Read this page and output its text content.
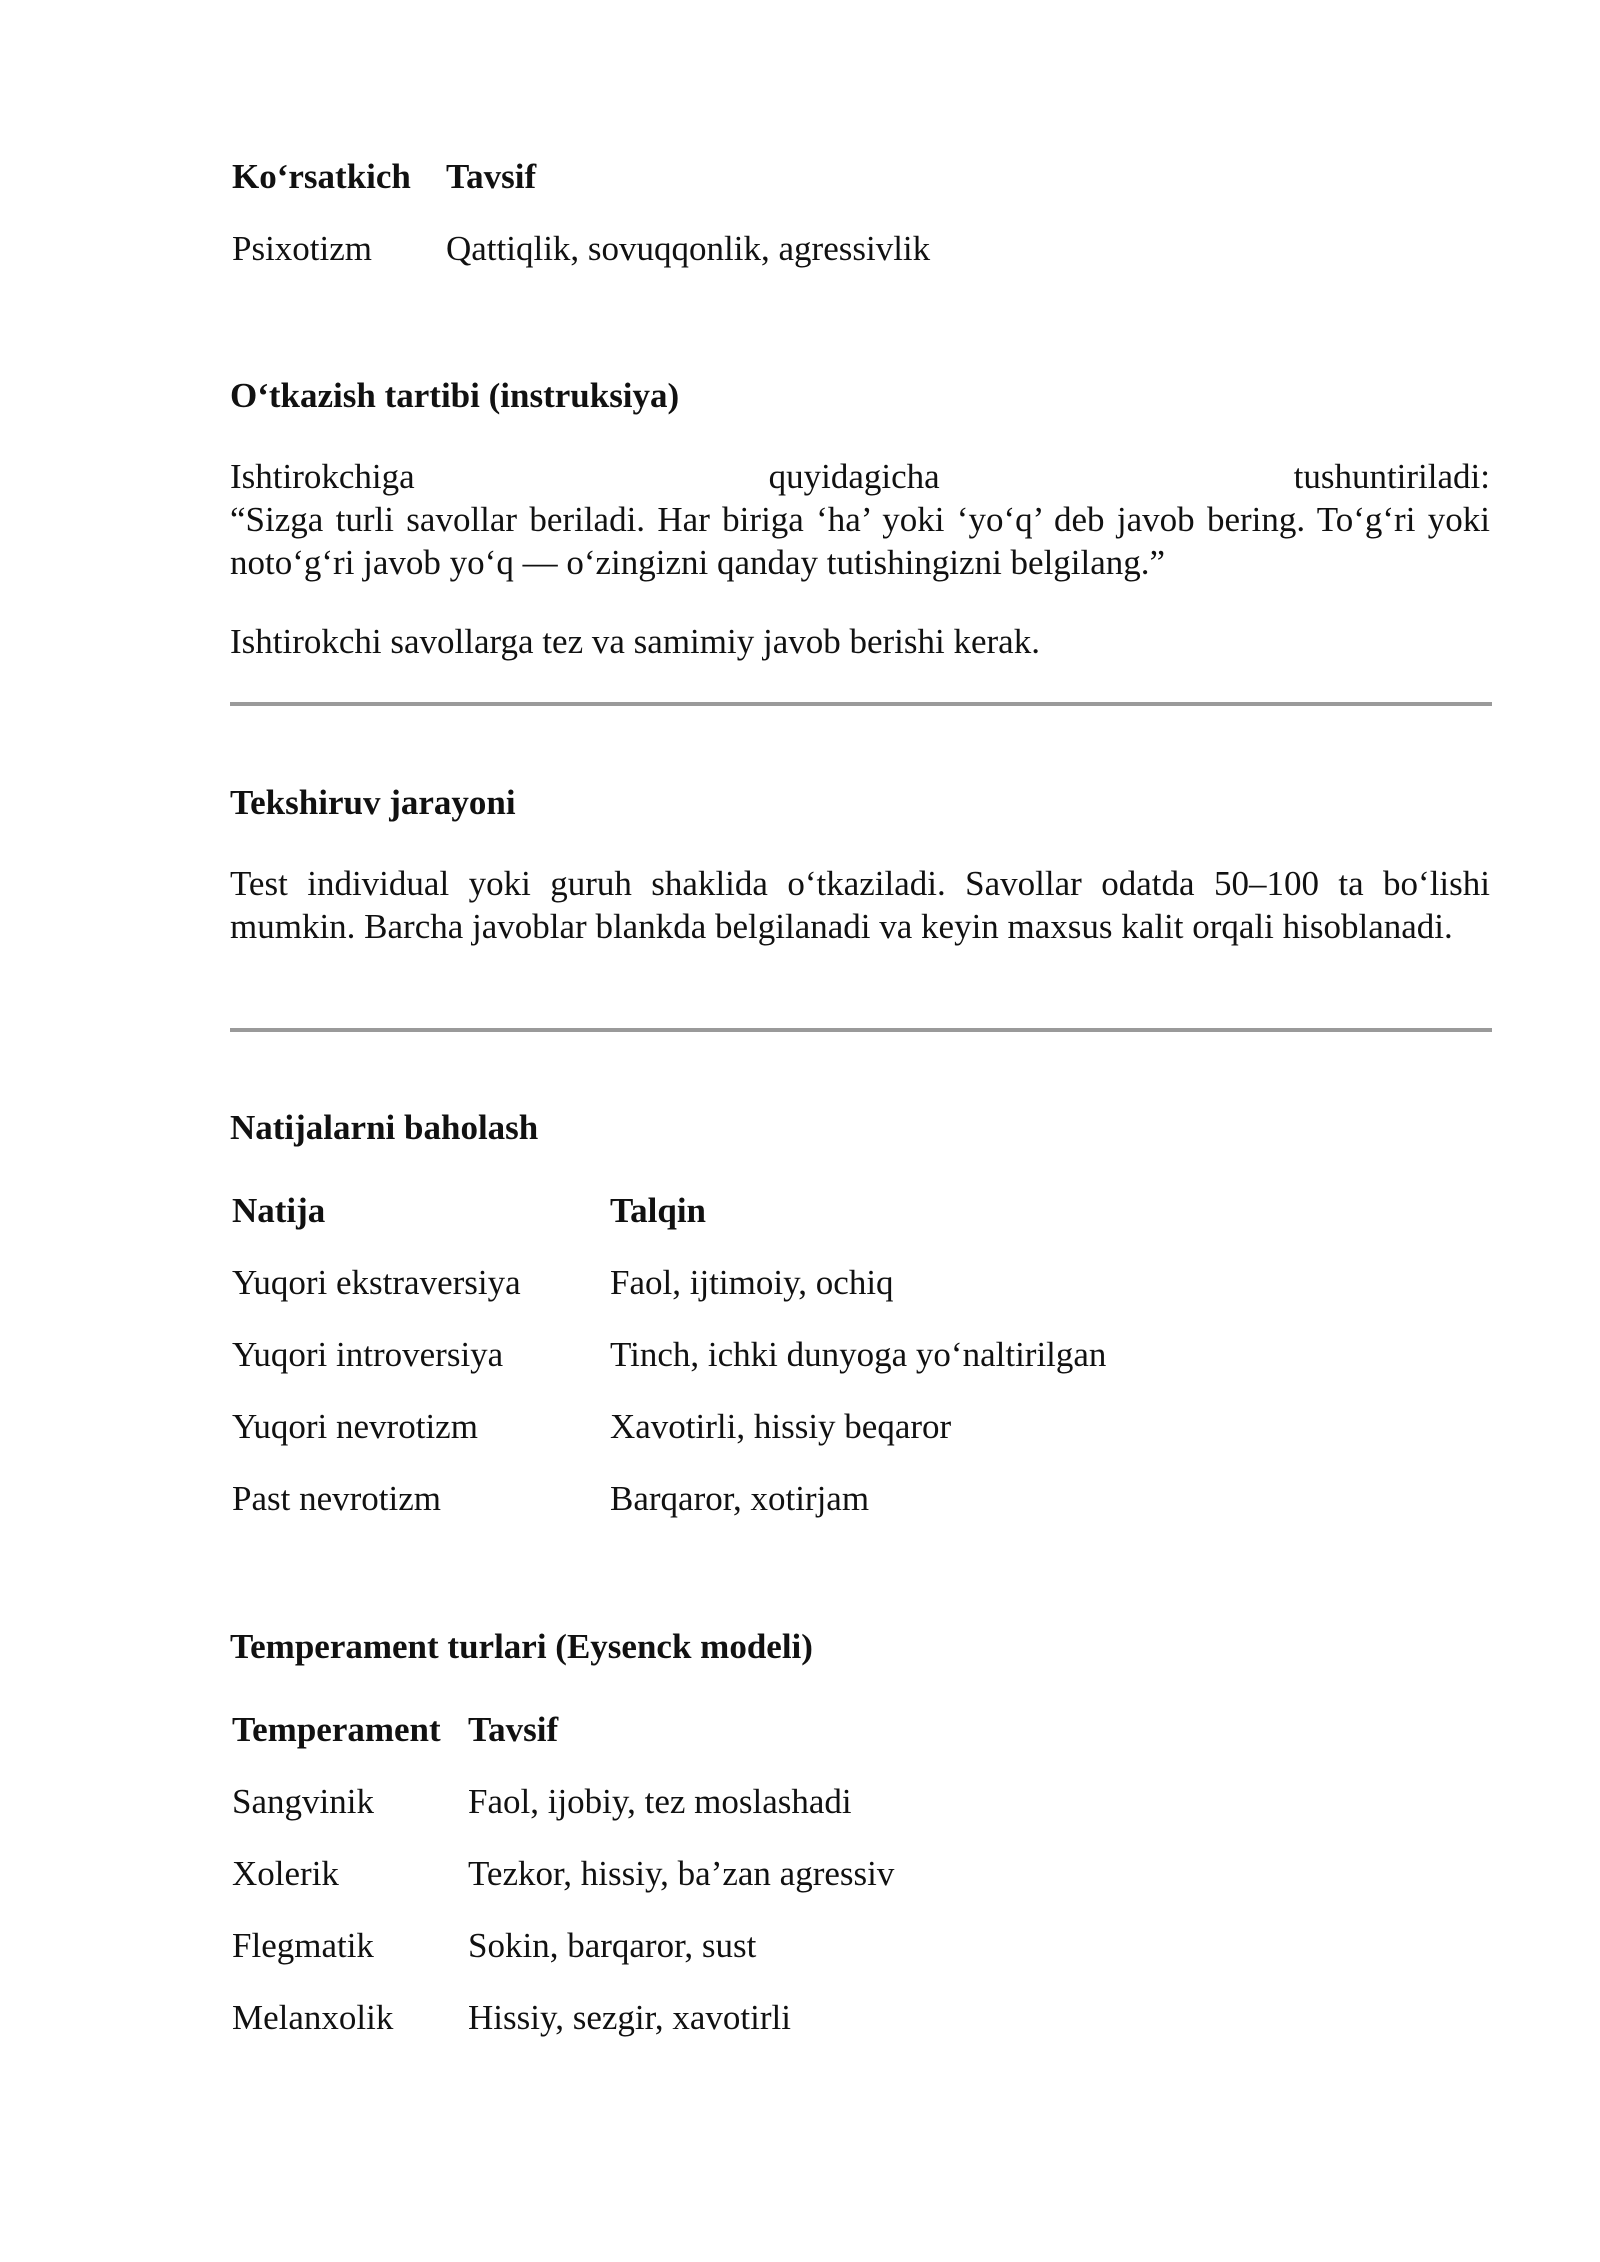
Ko‘rsatkich Tavsif
Psixotizm Qattiqlik, sovuqqonlik, agressivlik
O‘tkazish tartibi (instruksiya)
Ishtirokchiga	quyidagicha	tushuntiriladi:
“Sizga turli savollar beriladi. Har biriga ‘ha’ yoki ‘yo‘q’ deb javob bering. To‘g‘ri yoki noto‘g‘ri javob yo‘q — o‘zingizni qanday tutishingizni belgilang.”
Ishtirokchi savollarga tez va samimiy javob berishi kerak.
Tekshiruv jarayoni
Test individual yoki guruh shaklida o‘tkaziladi. Savollar odatda 50–100 ta bo‘lishi mumkin. Barcha javoblar blankda belgilanadi va keyin maxsus kalit orqali hisoblanadi.
Natijalarni baholash
Natija	Talqin
Yuqori ekstraversiya	Faol, ijtimoiy, ochiq
Yuqori introversiya	Tinch, ichki dunyoga yo‘naltirilgan
Yuqori nevrotizm	Xavotirli, hissiy beqaror
Past nevrotizm	Barqaror, xotirjam
Temperament turlari (Eysenck modeli)
Temperament Tavsif
Sangvinik	Faol, ijobiy, tez moslashadi
Xolerik	Tezkor, hissiy, ba’zan agressiv
Flegmatik	Sokin, barqaror, sust
Melanxolik Hissiy, sezgir, xavotirli
